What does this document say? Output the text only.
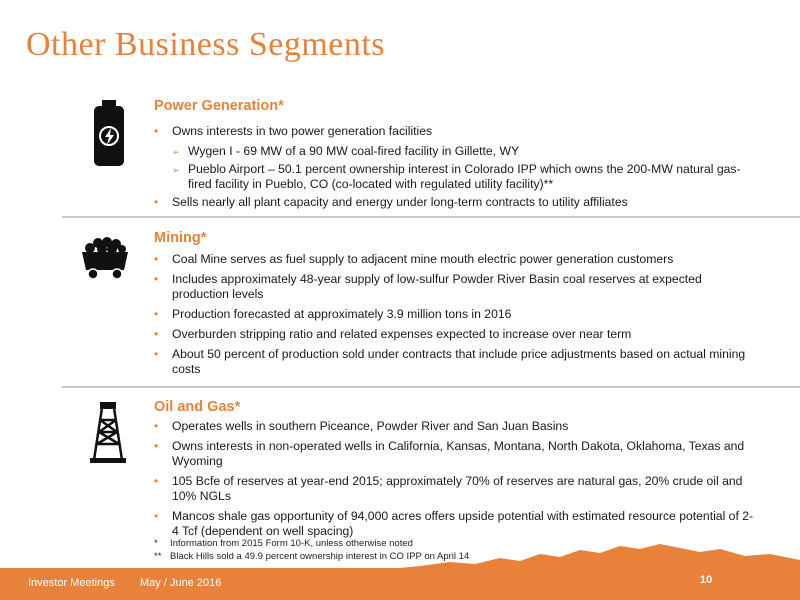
Other Business Segments
Power Generation*
• Owns interests in two power generation facilities
➢ Wygen I - 69 MW of a 90 MW coal-fired facility in Gillette, WY
➢ Pueblo Airport – 50.1 percent ownership interest in Colorado IPP which owns the 200-MW natural gas-fired facility in Pueblo, CO (co-located with regulated utility facility)**
• Sells nearly all plant capacity and energy under long-term contracts to utility affiliates
Mining*
• Coal Mine serves as fuel supply to adjacent mine mouth electric power generation customers
• Includes approximately 48-year supply of low-sulfur Powder River Basin coal reserves at expected production levels
• Production forecasted at approximately 3.9 million tons in 2016
• Overburden stripping ratio and related expenses expected to increase over near term
• About 50 percent of production sold under contracts that include price adjustments based on actual mining costs
Oil and Gas*
• Operates wells in southern Piceance, Powder River and San Juan Basins
• Owns interests in non-operated wells in California, Kansas, Montana, North Dakota, Oklahoma, Texas and Wyoming
• 105 Bcfe of reserves at year-end 2015; approximately 70% of reserves are natural gas, 20% crude oil and 10% NGLs
• Mancos shale gas opportunity of 94,000 acres offers upside potential with estimated resource potential of 2-4 Tcf (dependent on well spacing)
* Information from 2015 Form 10-K, unless otherwise noted
** Black Hills sold a 49.9 percent ownership interest in CO IPP on April 14
Investor Meetings May / June 2016	10
